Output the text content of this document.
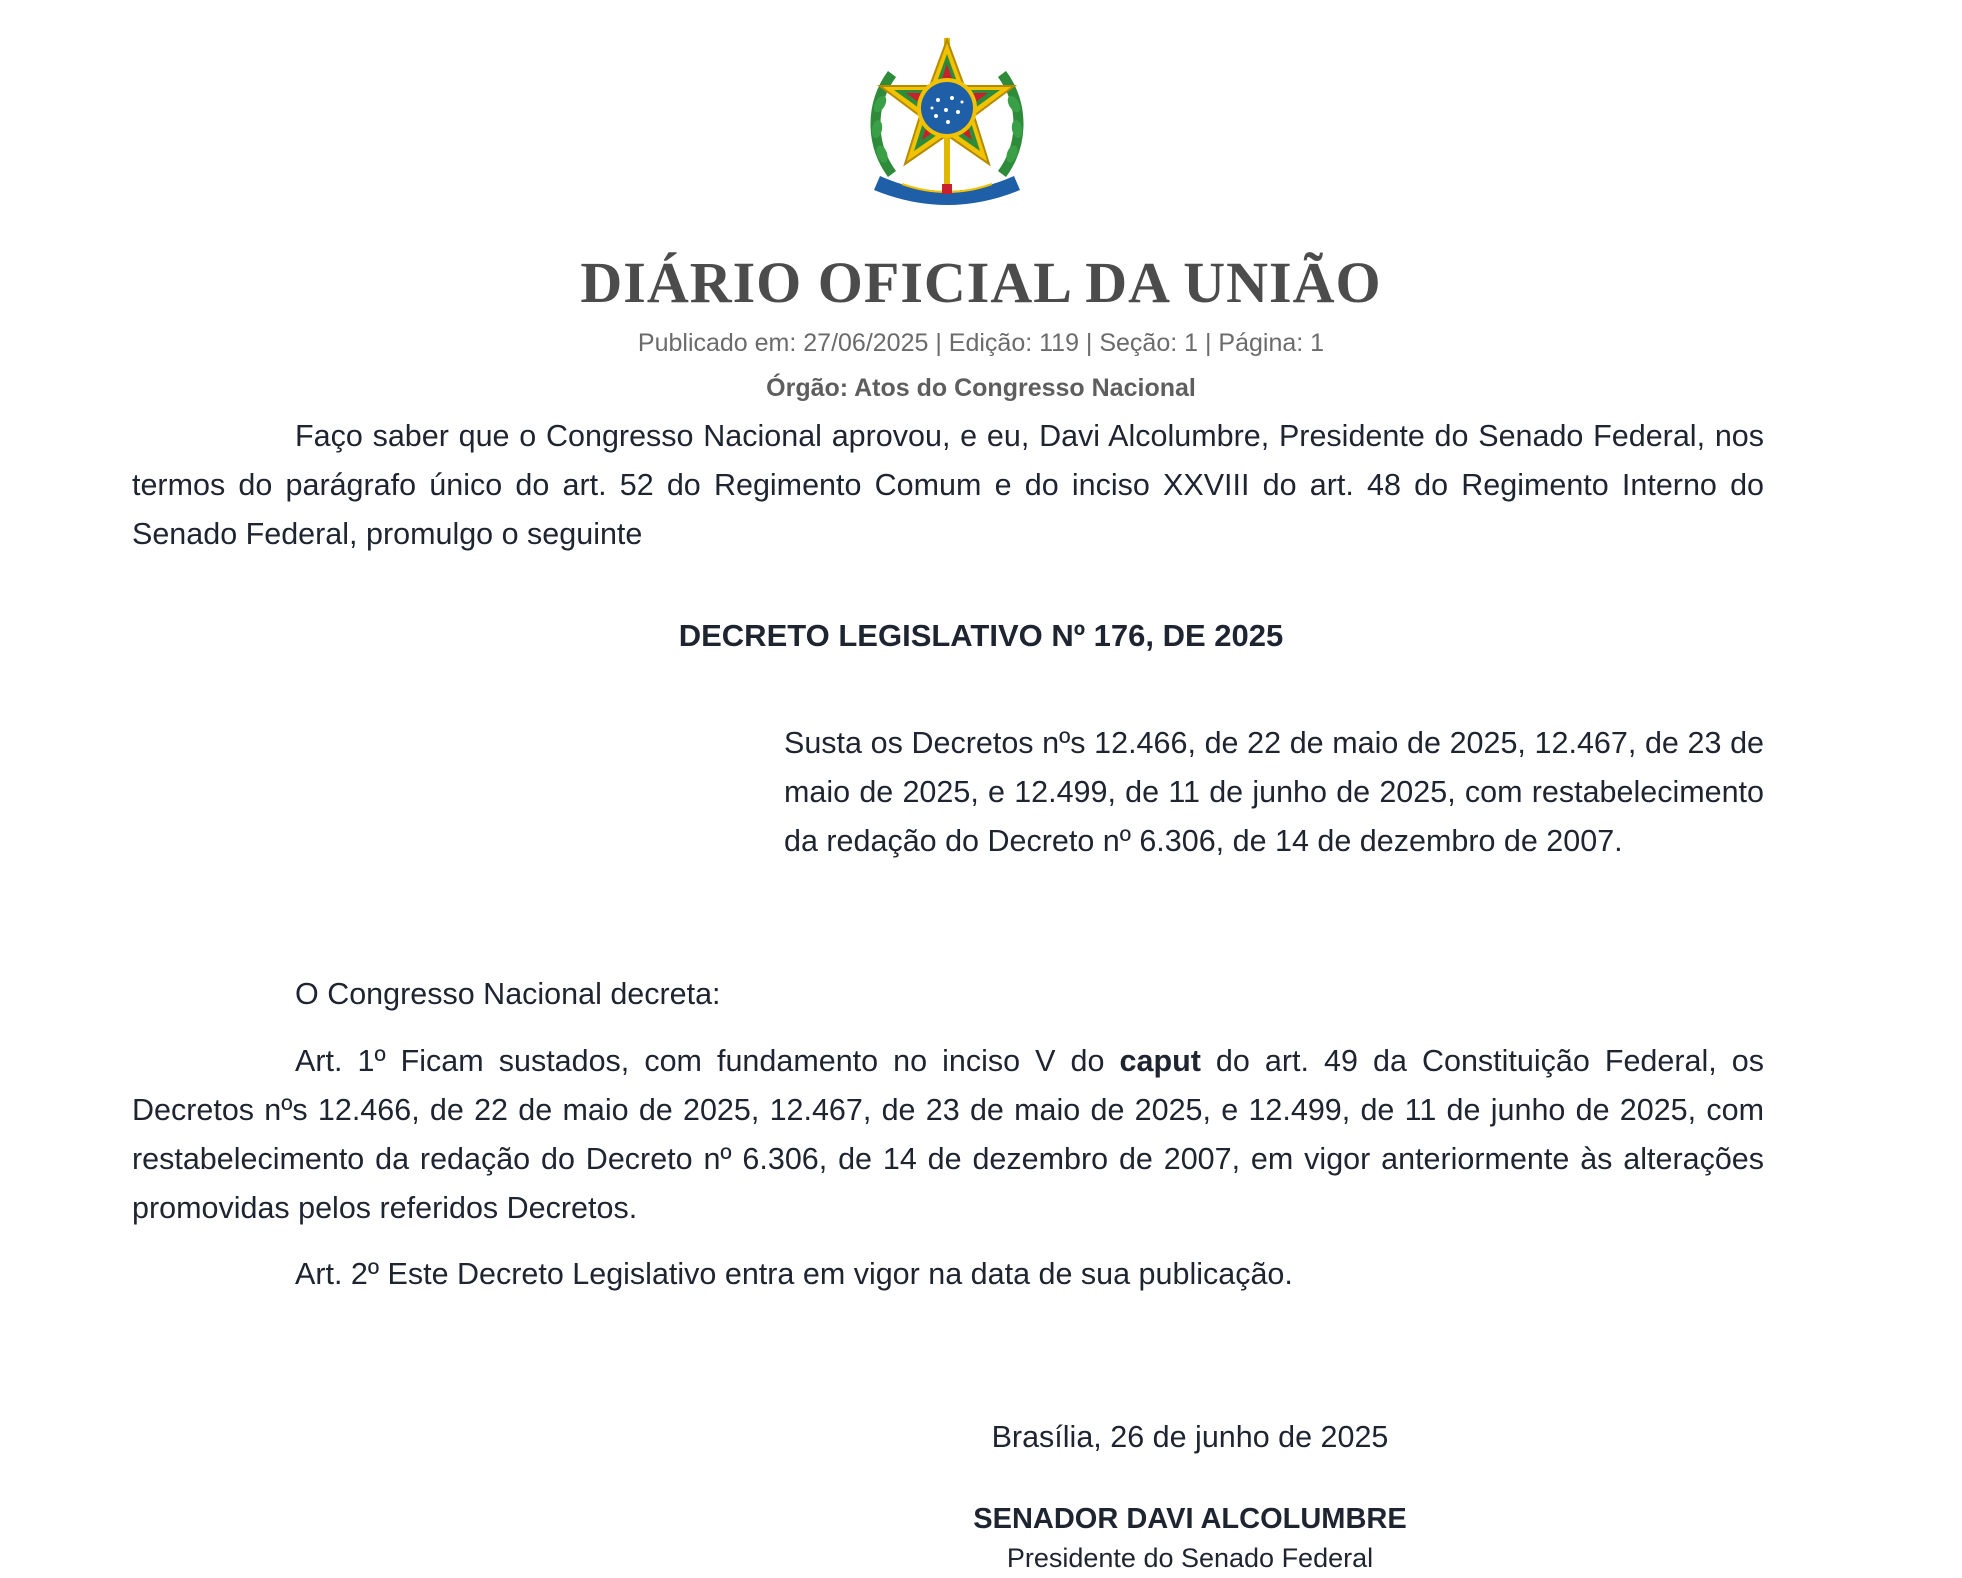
DIÁRIO OFICIAL DA UNIÃO
Publicado em: 27/06/2025 | Edição: 119 | Seção: 1 | Página: 1
Órgão: Atos do Congresso Nacional

Faço saber que o Congresso Nacional aprovou, e eu, Davi Alcolumbre, Presidente do Senado Federal, nos termos do parágrafo único do art. 52 do Regimento Comum e do inciso XXVIII do art. 48 do Regimento Interno do Senado Federal, promulgo o seguinte

DECRETO LEGISLATIVO Nº 176, DE 2025

Susta os Decretos nºs 12.466, de 22 de maio de 2025, 12.467, de 23 de maio de 2025, e 12.499, de 11 de junho de 2025, com restabelecimento da redação do Decreto nº 6.306, de 14 de dezembro de 2007.

O Congresso Nacional decreta:

Art. 1º Ficam sustados, com fundamento no inciso V do caput do art. 49 da Constituição Federal, os Decretos nºs 12.466, de 22 de maio de 2025, 12.467, de 23 de maio de 2025, e 12.499, de 11 de junho de 2025, com restabelecimento da redação do Decreto nº 6.306, de 14 de dezembro de 2007, em vigor anteriormente às alterações promovidas pelos referidos Decretos.

Art. 2º Este Decreto Legislativo entra em vigor na data de sua publicação.

Brasília, 26 de junho de 2025
SENADOR DAVI ALCOLUMBRE
Presidente do Senado Federal
